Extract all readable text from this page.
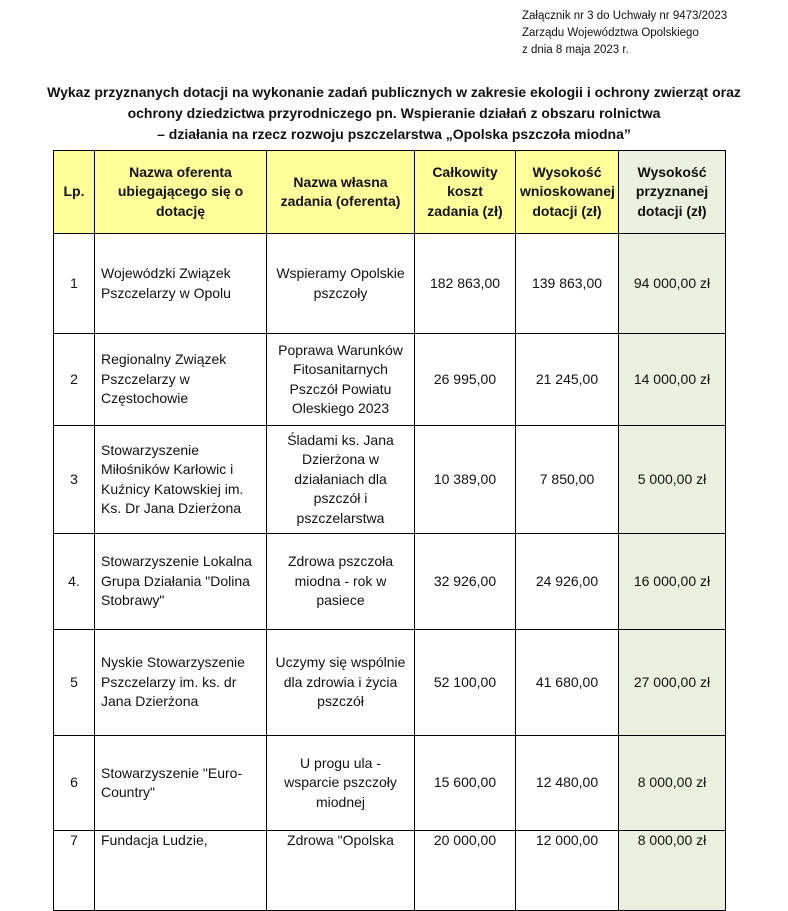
Załącznik nr 3 do Uchwały nr 9473/2023
Zarządu Województwa Opolskiego
z dnia 8 maja 2023 r.
Wykaz przyznanych dotacji na wykonanie zadań publicznych w zakresie ekologii i ochrony zwierząt oraz
ochrony dziedzictwa przyrodniczego pn. Wspieranie działań z obszaru rolnictwa
– działania na rzecz rozwoju pszczelarstwa „Opolska pszczoła miodna”
Lp.	Nazwa oferenta ubiegającego się o dotację	Nazwa własna zadania (oferenta)	Całkowity koszt zadania (zł)	Wysokość wnioskowanej dotacji (zł)	Wysokość przyznanej dotacji (zł)

1	Wojewódzki Związek Pszczelarzy w Opolu	Wspieramy Opolskie pszczoły	182 863,00	139 863,00	94 000,00 zł
2	Regionalny Związek Pszczelarzy w Częstochowie	Poprawa Warunków Fitosanitarnych Pszczół Powiatu Oleskiego 2023	26 995,00	21 245,00	14 000,00 zł
3	Stowarzyszenie Miłośników Karłowic i Kuźnicy Katowskiej im. Ks. Dr Jana Dzierżona	Śladami ks. Jana Dzierżona w działaniach dla pszczół i pszczelarstwa	10 389,00	7 850,00	5 000,00 zł
4.	Stowarzyszenie Lokalna Grupa Działania "Dolina Stobrawy"	Zdrowa pszczoła miodna - rok w pasiece	32 926,00	24 926,00	16 000,00 zł
5	Nyskie Stowarzyszenie Pszczelarzy im. ks. dr Jana Dzierżona	Uczymy się wspólnie dla zdrowia i życia pszczół	52 100,00	41 680,00	27 000,00 zł
6	Stowarzyszenie "Euro-Country"	U progu ula - wsparcie pszczoły miodnej	15 600,00	12 480,00	8 000,00 zł
7	Fundacja Ludzie,	Zdrowa "Opolska	20 000,00	12 000,00	8 000,00 zł
